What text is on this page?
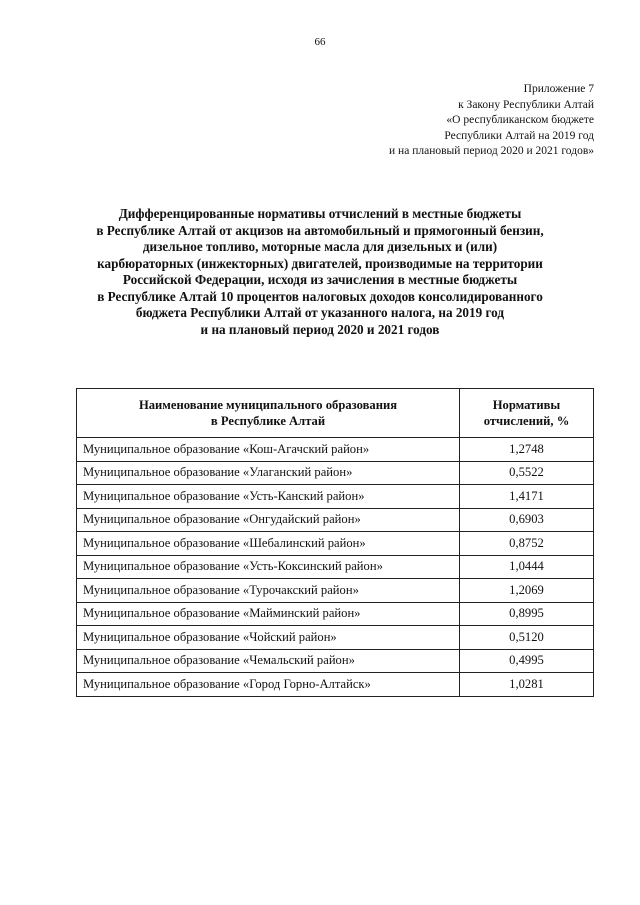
66
Приложение 7
к Закону Республики Алтай
«О республиканском бюджете
Республики Алтай на 2019 год
и на плановый период 2020 и 2021 годов»
Дифференцированные нормативы отчислений в местные бюджеты
в Республике Алтай от акцизов на автомобильный и прямогонный бензин,
дизельное топливо, моторные масла для дизельных и (или)
карбюраторных (инжекторных) двигателей, производимые на территории
Российской Федерации, исходя из зачисления в местные бюджеты
в Республике Алтай 10 процентов налоговых доходов консолидированного
бюджета Республики Алтай от указанного налога, на 2019 год
и на плановый период 2020 и 2021 годов
Наименование муниципального образования
в Республике Алтай	Нормативы
отчислений, %
Муниципальное образование «Кош-Агачский район»	1,2748
Муниципальное образование «Улаганский район»	0,5522
Муниципальное образование «Усть-Канский район»	1,4171
Муниципальное образование «Онгудайский район»	0,6903
Муниципальное образование «Шебалинский район»	0,8752
Муниципальное образование «Усть-Коксинский район»	1,0444
Муниципальное образование «Турочакский район»	1,2069
Муниципальное образование «Майминский район»	0,8995
Муниципальное образование «Чойский район»	0,5120
Муниципальное образование «Чемальский район»	0,4995
Муниципальное образование «Город Горно-Алтайск»	1,0281
